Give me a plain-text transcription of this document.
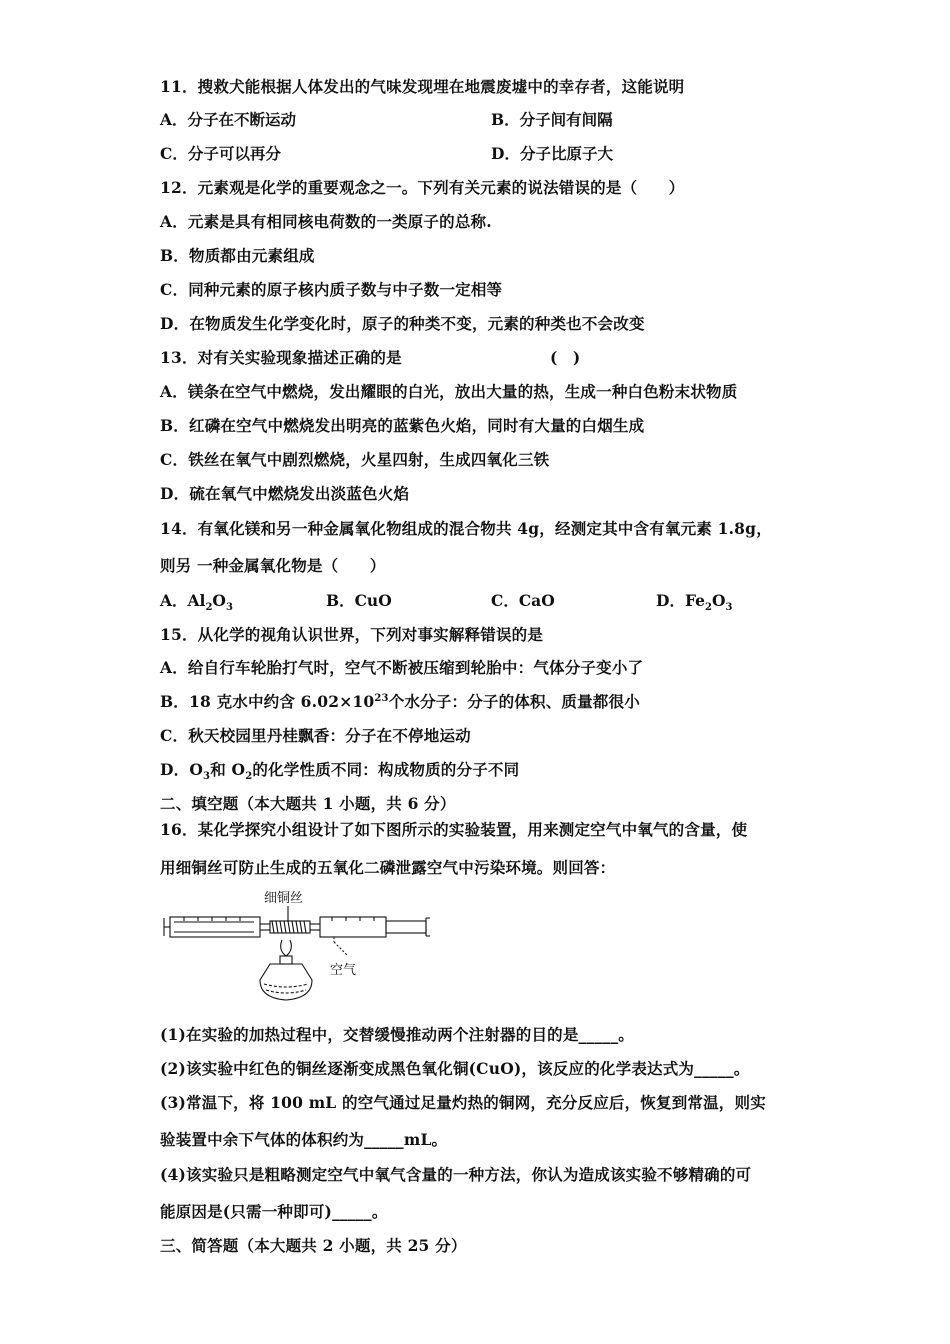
11．搜救犬能根据人体发出的气味发现埋在地震废墟中的幸存者，这能说明
A．分子在不断运动	B．分子间有间隔
C．分子可以再分	D．分子比原子大
12．元素观是化学的重要观念之一。下列有关元素的说法错误的是（　　）
A．元素是具有相同核电荷数的一类原子的总称.
B．物质都由元素组成
C．同种元素的原子核内质子数与中子数一定相等
D．在物质发生化学变化时，原子的种类不变，元素的种类也不会改变
13．对有关实验现象描述正确的是	(　)
A．镁条在空气中燃烧，发出耀眼的白光，放出大量的热，生成一种白色粉末状物质
B．红磷在空气中燃烧发出明亮的蓝紫色火焰，同时有大量的白烟生成
C．铁丝在氧气中剧烈燃烧，火星四射，生成四氧化三铁
D．硫在氧气中燃烧发出淡蓝色火焰
14．有氧化镁和另一种金属氧化物组成的混合物共 4g，经测定其中含有氧元素 1.8g，
则另 一种金属氧化物是（　　）
A．$Al_2O_3$	B．CuO	C．CaO	D．$Fe_2O_3$
15．从化学的视角认识世界，下列对事实解释错误的是
A．给自行车轮胎打气时，空气不断被压缩到轮胎中：气体分子变小了
B．18 克水中约含 $6.02\times 10^{23}$个水分子：分子的体积、质量都很小
C．秋天校园里丹桂飘香：分子在不停地运动
D．$O_3$和 $O_2$的化学性质不同：构成物质的分子不同
二、填空题（本大题共 1 小题，共 6 分）
16．某化学探究小组设计了如下图所示的实验装置，用来测定空气中氧气的含量，使
用细铜丝可防止生成的五氧化二磷泄露空气中污染环境。则回答：
细铜丝
空气
(1)在实验的加热过程中，交替缓慢推动两个注射器的目的是_____。
(2)该实验中红色的铜丝逐渐变成黑色氧化铜(CuO)，该反应的化学表达式为_____。
(3)常温下，将 100 mL 的空气通过足量灼热的铜网，充分反应后，恢复到常温，则实
验装置中余下气体的体积约为_____mL。
(4)该实验只是粗略测定空气中氧气含量的一种方法，你认为造成该实验不够精确的可
能原因是(只需一种即可)_____。
三、简答题（本大题共 2 小题，共 25 分）
